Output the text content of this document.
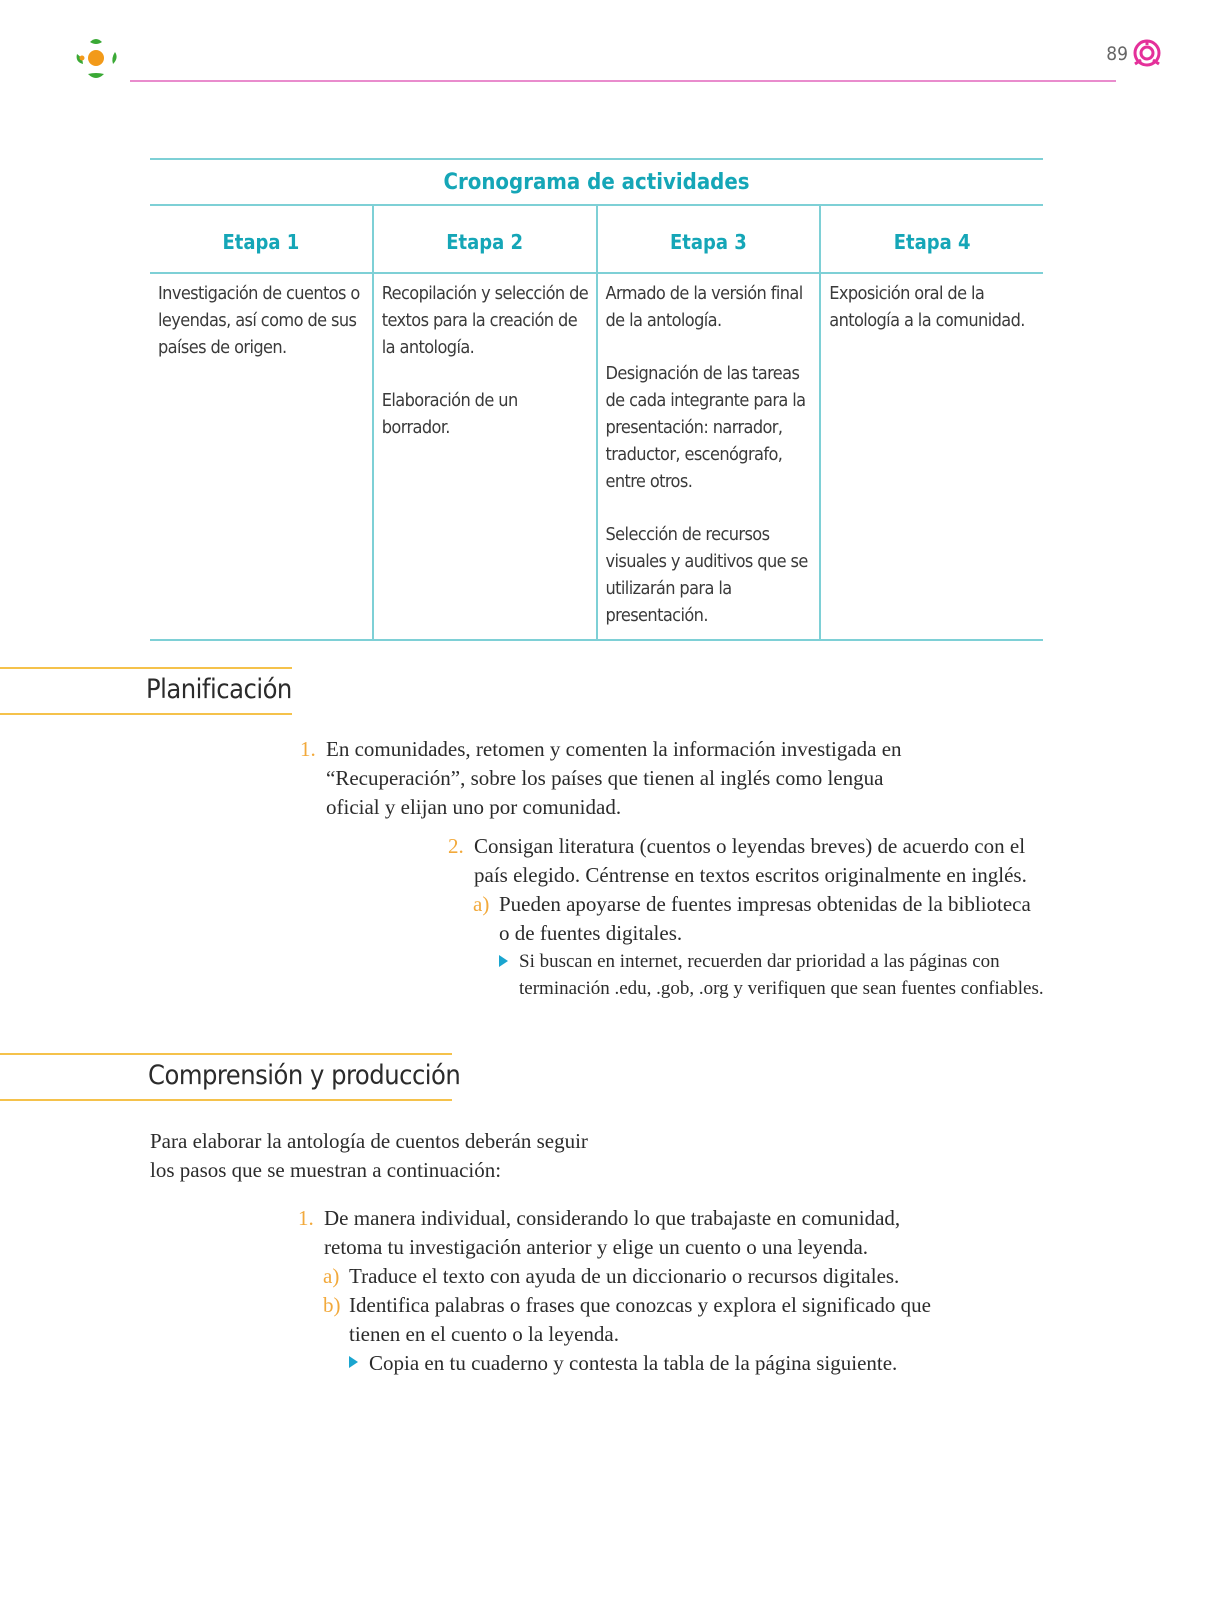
89
Cronograma de actividades
Etapa 1

Investigación de cuentos o leyendas, así como de sus países de origen.

Etapa 2

Recopilación y selección de textos para la creación de la antología.

Elaboración de un borrador.

Etapa 3

Armado de la versión final de la antología.

Designación de las tareas de cada integrante para la presentación: narrador, traductor, escenógrafo, entre otros.

Selección de recursos visuales y auditivos que se utilizarán para la presentación.

Etapa 4

Exposición oral de la antología a la comunidad.

Planificación
1. En comunidades, retomen y comenten la información investigada en “Recuperación”, sobre los países que tienen al inglés como lengua oficial y elijan uno por comunidad.
2. Consigan literatura (cuentos o leyendas breves) de acuerdo con el país elegido. Céntrense en textos escritos originalmente en inglés.
a) Pueden apoyarse de fuentes impresas obtenidas de la biblioteca o de fuentes digitales.
Si buscan en internet, recuerden dar prioridad a las páginas con terminación .edu, .gob, .org y verifiquen que sean fuentes confiables.
Comprensión y producción
Para elaborar la antología de cuentos deberán seguir los pasos que se muestran a continuación:
1. De manera individual, considerando lo que trabajaste en comunidad, retoma tu investigación anterior y elige un cuento o una leyenda.
a) Traduce el texto con ayuda de un diccionario o recursos digitales.
b) Identifica palabras o frases que conozcas y explora el significado que tienen en el cuento o la leyenda.
Copia en tu cuaderno y contesta la tabla de la página siguiente.
